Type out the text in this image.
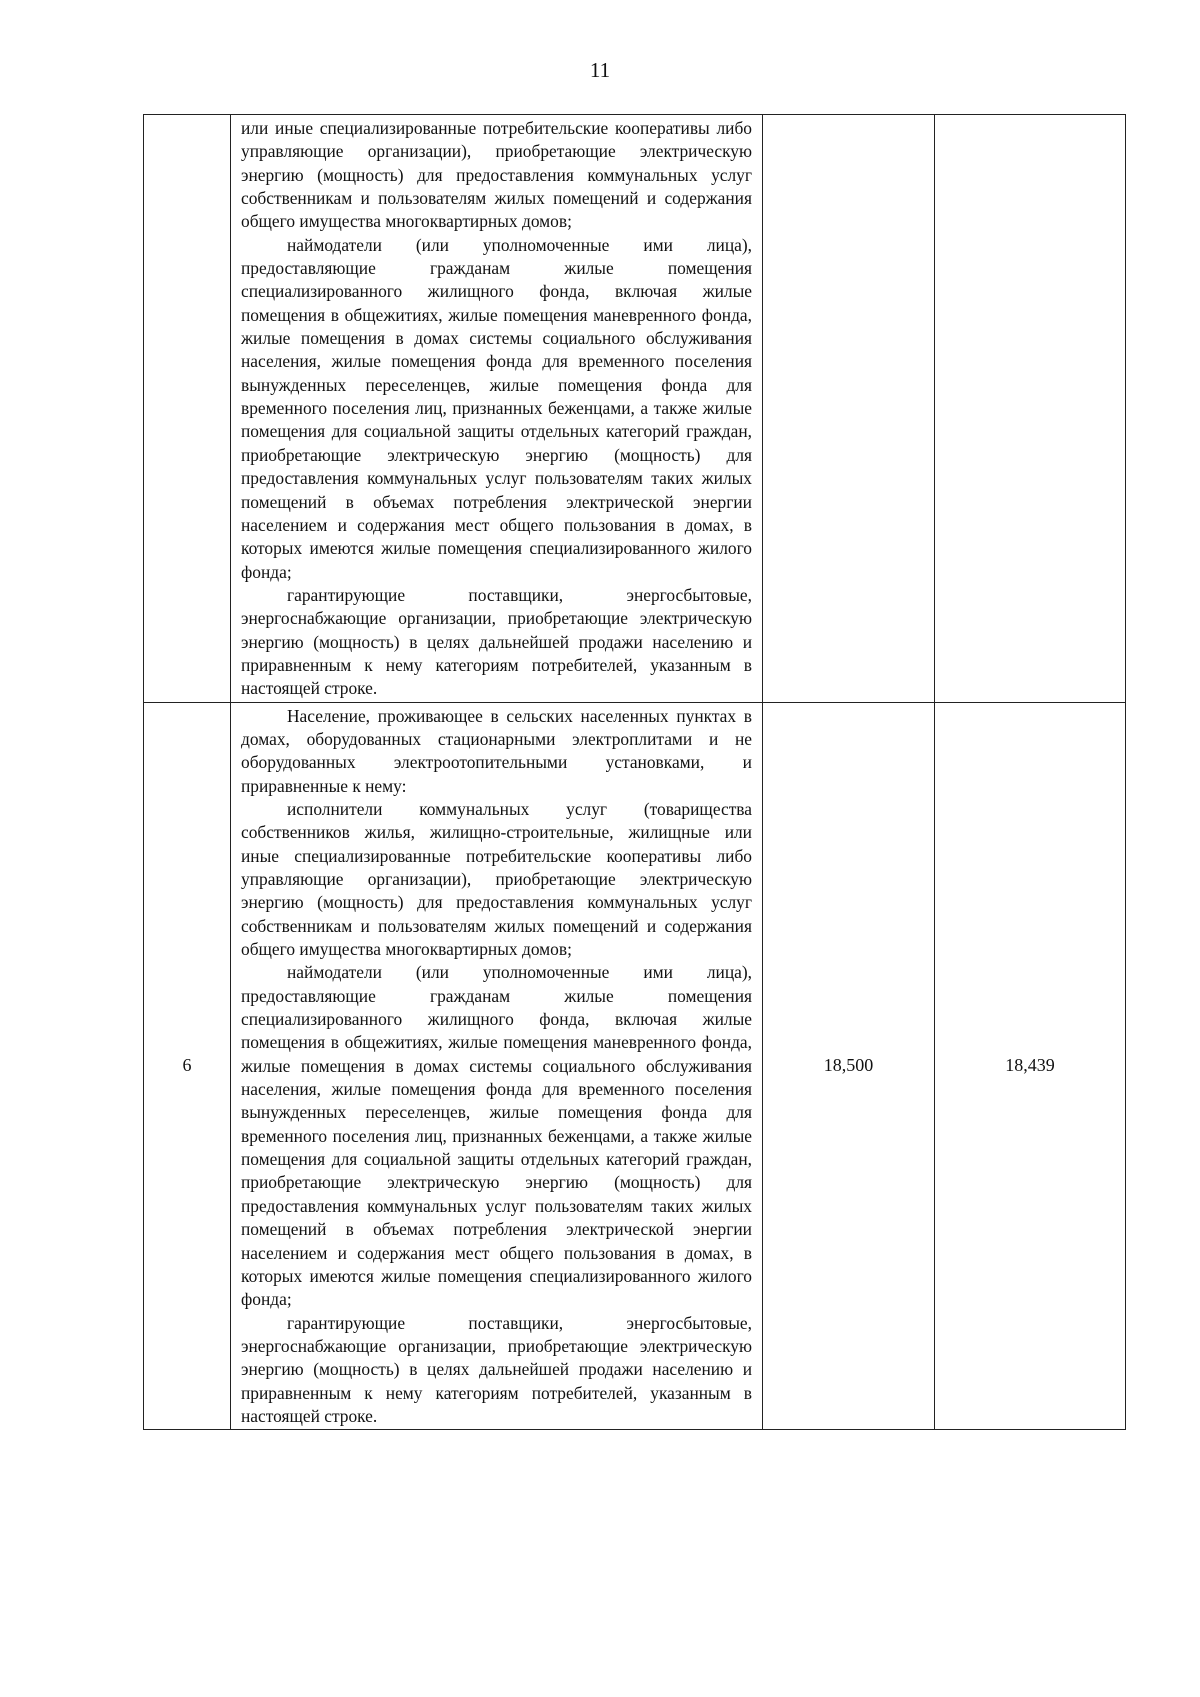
11

	или иные специализированные потребительские кооперативы либо управляющие организации), приобретающие электрическую энергию (мощность) для предоставления коммунальных услуг собственникам и пользователям жилых помещений и содержания общего имущества многоквартирных домов;

наймодатели (или уполномоченные ими лица), предоставляющие гражданам жилые помещения специализированного жилищного фонда, включая жилые помещения в общежитиях, жилые помещения маневренного фонда, жилые помещения в домах системы социального обслуживания населения, жилые помещения фонда для временного поселения вынужденных переселенцев, жилые помещения фонда для временного поселения лиц, признанных беженцами, а также жилые помещения для социальной защиты отдельных категорий граждан, приобретающие электрическую энергию (мощность) для предоставления коммунальных услуг пользователям таких жилых помещений в объемах потребления электрической энергии населением и содержания мест общего пользования в домах, в которых имеются жилые помещения специализированного жилого фонда;

гарантирующие поставщики, энергосбытовые, энергоснабжающие организации, приобретающие электрическую энергию (мощность) в целях дальнейшей продажи населению и приравненным к нему категориям потребителей, указанным в настоящей строке.		

6	Население, проживающее в сельских населенных пунктах в домах, оборудованных стационарными электроплитами и не оборудованных электроотопительными установками, и приравненные к нему:

исполнители коммунальных услуг (товарищества собственников жилья, жилищно-строительные, жилищные или иные специализированные потребительские кооперативы либо управляющие организации), приобретающие электрическую энергию (мощность) для предоставления коммунальных услуг собственникам и пользователям жилых помещений и содержания общего имущества многоквартирных домов;

наймодатели (или уполномоченные ими лица), предоставляющие гражданам жилые помещения специализированного жилищного фонда, включая жилые помещения в общежитиях, жилые помещения маневренного фонда, жилые помещения в домах системы социального обслуживания населения, жилые помещения фонда для временного поселения вынужденных переселенцев, жилые помещения фонда для временного поселения лиц, признанных беженцами, а также жилые помещения для социальной защиты отдельных категорий граждан, приобретающие электрическую энергию (мощность) для предоставления коммунальных услуг пользователям таких жилых помещений в объемах потребления электрической энергии населением и содержания мест общего пользования в домах, в которых имеются жилые помещения специализированного жилого фонда;

гарантирующие поставщики, энергосбытовые, энергоснабжающие организации, приобретающие электрическую энергию (мощность) в целях дальнейшей продажи населению и приравненным к нему категориям потребителей, указанным в настоящей строке.	18,500	18,439
